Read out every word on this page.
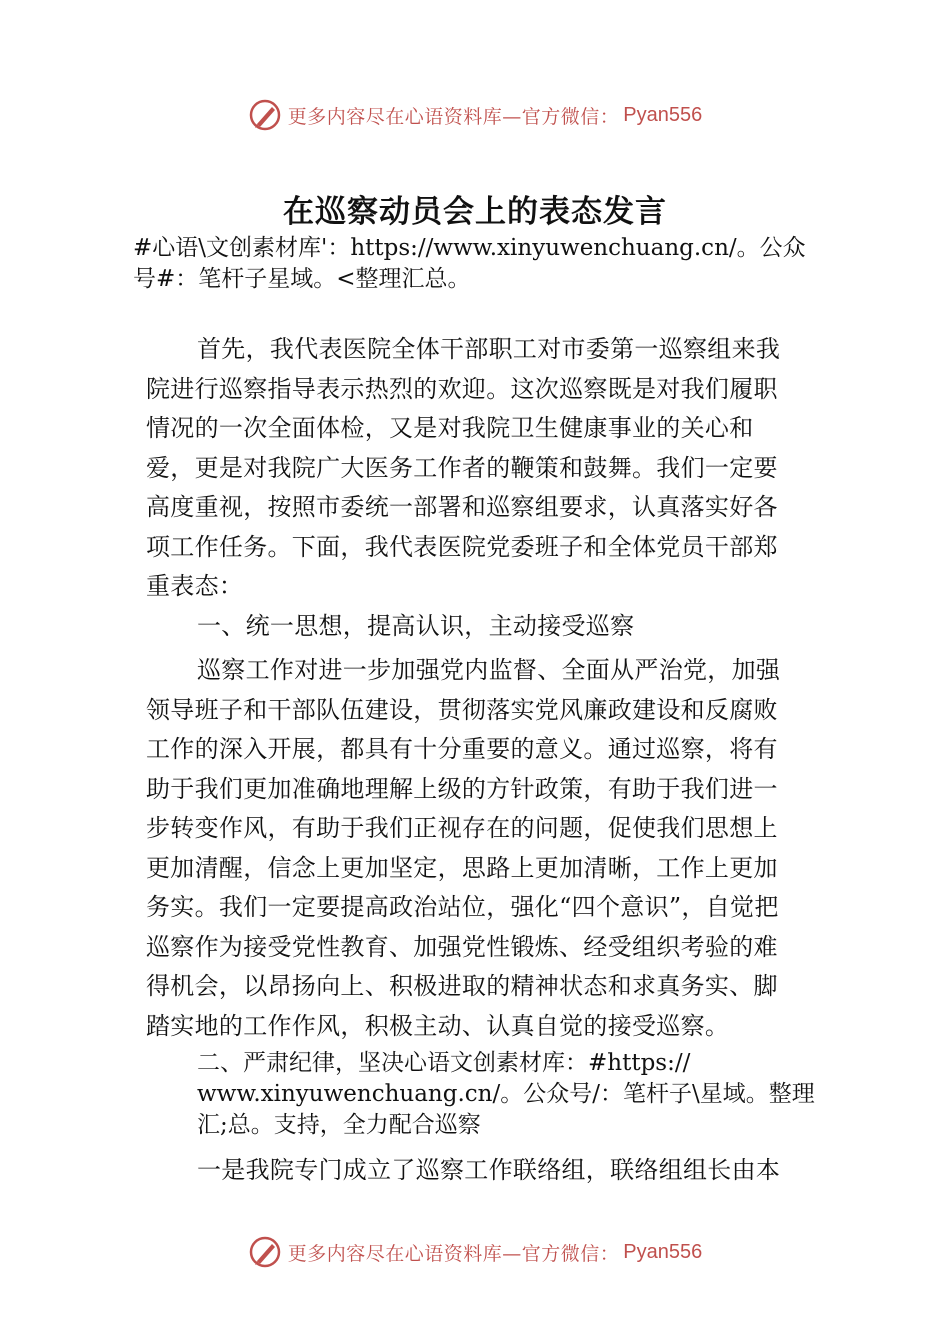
更多内容尽在心语资料库—官方微信： Pyan556
在巡察动员会上的表态发言

#心语\文创素材库'：https://www.xinyuwenchuang.cn/。公众

号#：笔杆子星域。<整理汇总。

首先，我代表医院全体干部职工对市委第一巡察组来我

院进行巡察指导表示热烈的欢迎。这次巡察既是对我们履职

情况的一次全面体检，又是对我院卫生健康事业的关心和

爱，更是对我院广大医务工作者的鞭策和鼓舞。我们一定要

高度重视，按照市委统一部署和巡察组要求，认真落实好各

项工作任务。下面，我代表医院党委班子和全体党员干部郑

重表态：

一、统一思想，提高认识，主动接受巡察

巡察工作对进一步加强党内监督、全面从严治党，加强

领导班子和干部队伍建设，贯彻落实党风廉政建设和反腐败

工作的深入开展，都具有十分重要的意义。通过巡察，将有

助于我们更加准确地理解上级的方针政策，有助于我们进一

步转变作风，有助于我们正视存在的问题，促使我们思想上

更加清醒，信念上更加坚定，思路上更加清晰，工作上更加

务实。我们一定要提高政治站位，强化“四个意识”，自觉把

巡察作为接受党性教育、加强党性锻炼、经受组织考验的难

得机会，以昂扬向上、积极进取的精神状态和求真务实、脚

踏实地的工作作风，积极主动、认真自觉的接受巡察。

二、严肃纪律，坚决心语文创素材库：#https://

www.xinyuwenchuang.cn/。公众号/：笔杆子\星域。整理

汇;总。支持，全力配合巡察

一是我院专门成立了巡察工作联络组，联络组组长由本

更多内容尽在心语资料库—官方微信： Pyan556
